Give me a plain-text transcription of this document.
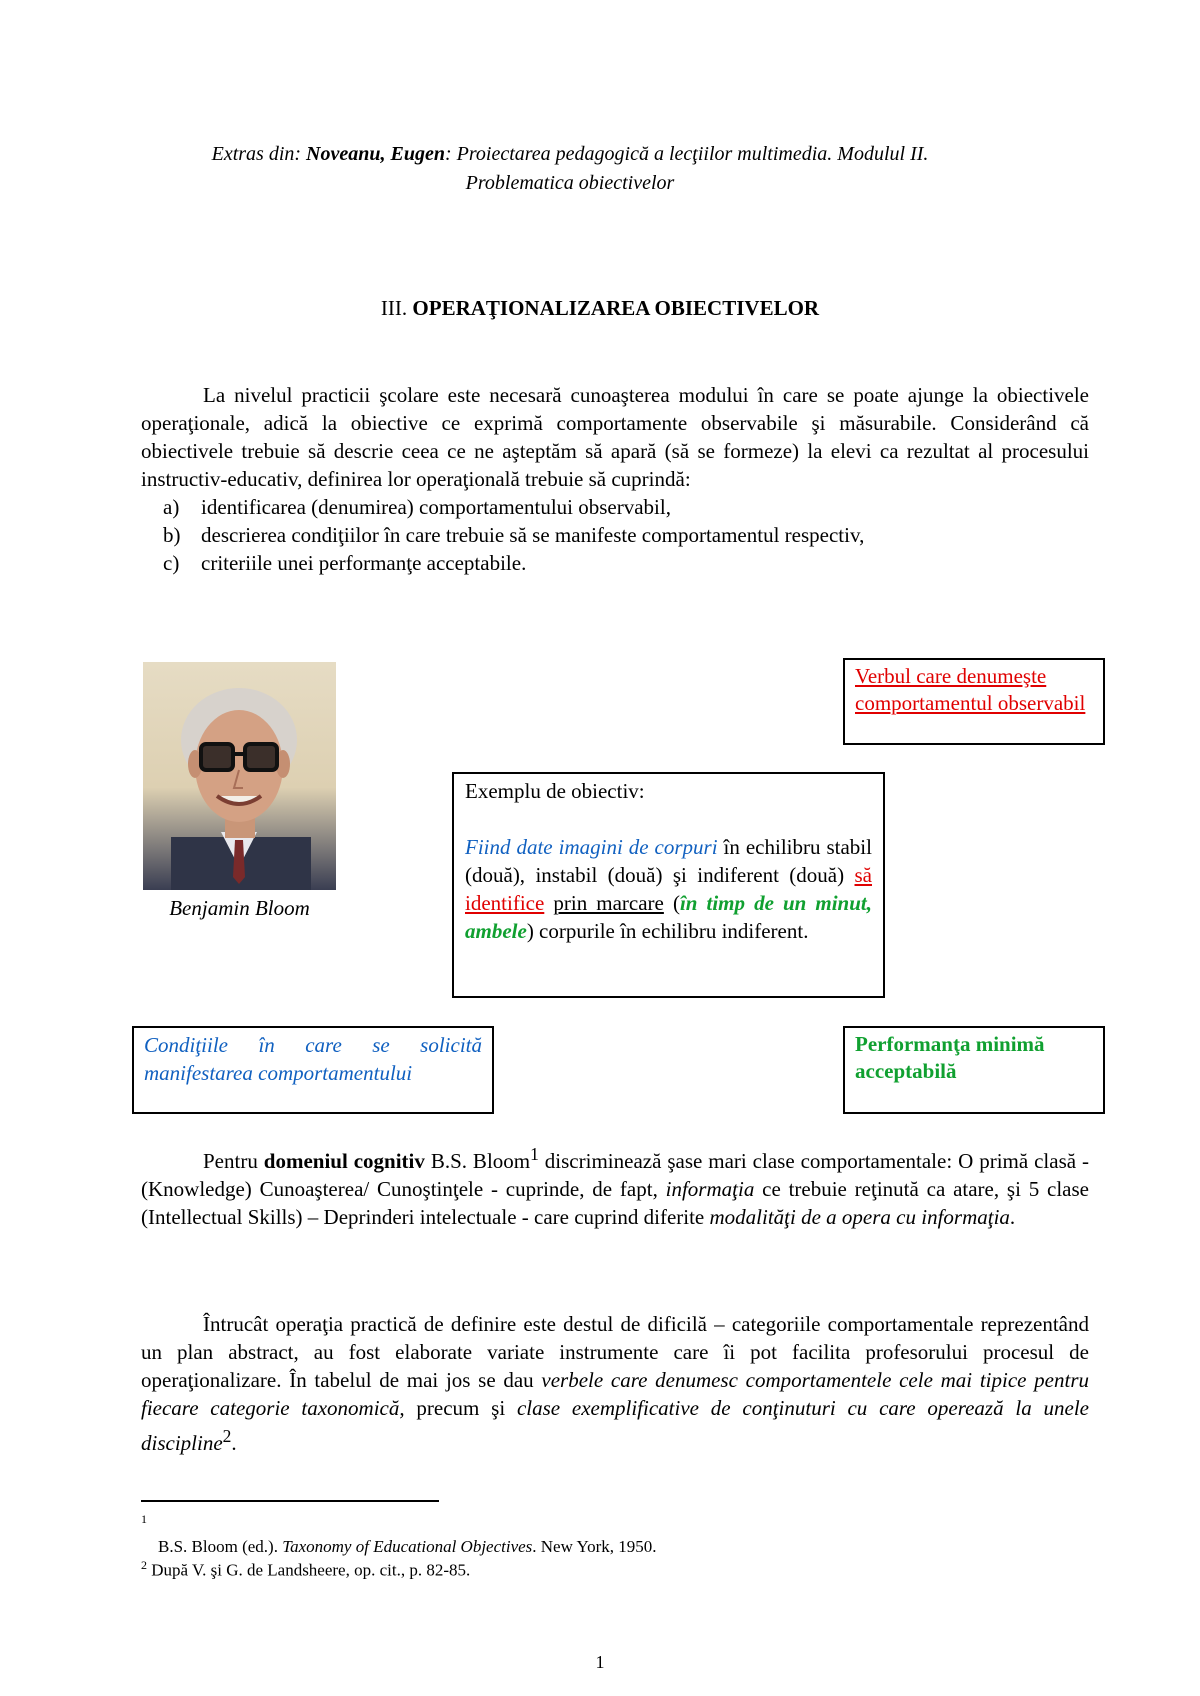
Extras din: Noveanu, Eugen: Proiectarea pedagogică a lecţiilor multimedia. Modulul II.
Problematica obiectivelor
III. OPERAŢIONALIZAREA OBIECTIVELOR
La nivelul practicii şcolare este necesară cunoaşterea modului în care se poate ajunge la obiectivele operaţionale, adică la obiective ce exprimă comportamente observabile şi măsurabile. Considerând că obiectivele trebuie să descrie ceea ce ne aşteptăm să apară (să se formeze) la elevi ca rezultat al procesului instructiv-educativ, definirea lor operaţională trebuie să cuprindă:
a)	identificarea (denumirea) comportamentului observabil,
b) descrierea condiţiilor în care trebuie să se manifeste comportamentul respectiv,
c)	criteriile unei performanţe acceptabile.
Benjamin Bloom
Verbul care denumeşte comportamentul observabil
Exemplu de obiectiv:
Fiind date imagini de corpuri în echilibru stabil (două), instabil (două) şi indiferent (două) să identifice prin marcare (în timp de un minut, ambele) corpurile în echilibru indiferent.
Condiţiile în care se solicită manifestarea comportamentului
Performanţa minimă acceptabilă
Pentru domeniul cognitiv B.S. Bloom$^1$ discriminează şase mari clase comportamentale: O primă clasă - (Knowledge) Cunoaşterea/ Cunoştinţele - cuprinde, de fapt, informaţia ce trebuie reţinută ca atare, şi 5 clase (Intellectual Skills) – Deprinderi intelectuale - care cuprind diferite modalităţi de a opera cu informaţia.
Întrucât operaţia practică de definire este destul de dificilă – categoriile comportamentale reprezentând un plan abstract, au fost elaborate variate instrumente care îi pot facilita profesorului procesul de operaţionalizare. În tabelul de mai jos se dau verbele care denumesc comportamentele cele mai tipice pentru fiecare categorie taxonomică, precum şi clase exemplificative de conţinuturi cu care operează la unele discipline$^2$.
$^1$
B.S. Bloom (ed.). Taxonomy of Educational Objectives. New York, 1950.
$^2$ După V. şi G. de Landsheere, op. cit., p. 82-85.
1
